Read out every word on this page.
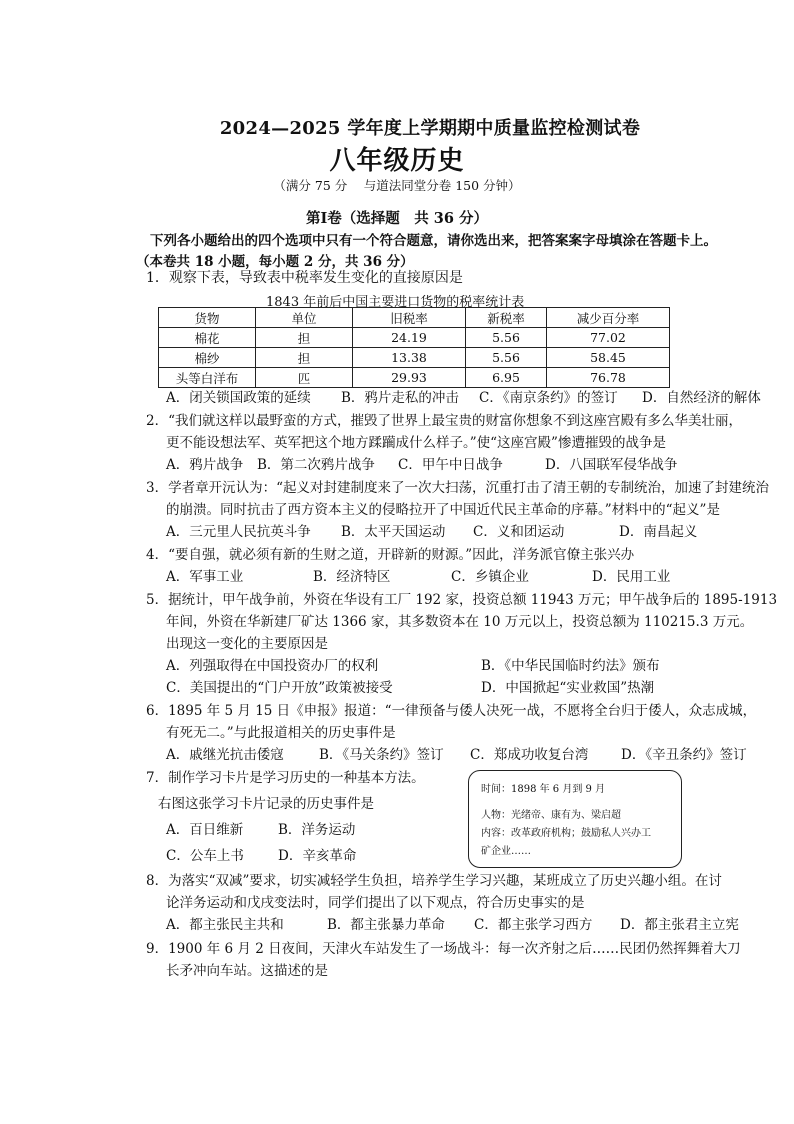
2024—2025 学年度上学期期中质量监控检测试卷
八年级历史
（满分 75 分　 与道法同堂分卷 150 分钟）
第Ⅰ卷（选择题　共 36 分）
下列各小题给出的四个选项中只有一个符合题意，请你选出来，把答案案字母填涂在答题卡上。
（本卷共 18 小题，每小题 2 分，共 36 分）
1．观察下表，导致表中税率发生变化的直接原因是
1843 年前后中国主要进口货物的税率统计表
货物	单位	旧税率	新税率	减少百分率
棉花	担	24.19	5.56	77.02
棉纱	担	13.38	5.56	58.45
头等白洋布	匹	29.93	6.95	76.78
A．闭关锁国政策的延续 B．鸦片走私的冲击 C．《南京条约》的签订 D．自然经济的解体
2．“我们就这样以最野蛮的方式，摧毁了世界上最宝贵的财富你想象不到这座宫殿有多么华美壮丽，
更不能设想法军、英军把这个地方蹂躏成什么样子。”使“这座宫殿”惨遭摧毁的战争是
A．鸦片战争 B．第二次鸦片战争 C．甲午中日战争	D．八国联军侵华战争
3．学者章开沅认为：“起义对封建制度来了一次大扫荡，沉重打击了清王朝的专制统治，加速了封建统治
的崩溃。同时抗击了西方资本主义的侵略拉开了中国近代民主革命的序幕。”材料中的“起义”是
A．三元里人民抗英斗争 B．太平天国运动 C．义和团运动	D．南昌起义
4．“要自强，就必须有新的生财之道，开辟新的财源。”因此，洋务派官僚主张兴办
A．军事工业	B．经济特区	C．乡镇企业	D．民用工业
5．据统计，甲午战争前，外资在华设有工厂 192 家，投资总额 11943 万元；甲午战争后的 1895-1913
年间，外资在华新建厂矿达 1366 家，其多数资本在 10 万元以上，投资总额为 110215.3 万元。
出现这一变化的主要原因是
A．列强取得在中国投资办厂的权利	B．《中华民国临时约法》颁布
C．美国提出的“门户开放”政策被接受	D．中国掀起“实业救国”热潮
6．1895 年 5 月 15 日《申报》报道：“一律预备与倭人决死一战，不愿将全台归于倭人，众志成城，
有死无二。”与此报道相关的历史事件是
A．戚继光抗击倭寇	B．《马关条约》签订 C．郑成功收复台湾 D．《辛丑条约》签订
7．制作学习卡片是学习历史的一种基本方法。
右图这张学习卡片记录的历史事件是
A．百日维新	B．洋务运动
C．公车上书	D．辛亥革命
时间：1898 年 6 月到 9 月
人物：光绪帝、康有为、梁启超
内容：改革政府机构；鼓励私人兴办工
矿企业……
8．为落实“双减”要求，切实减轻学生负担，培养学生学习兴趣，某班成立了历史兴趣小组。在讨
论洋务运动和戊戌变法时，同学们提出了以下观点，符合历史事实的是
A．都主张民主共和	B．都主张暴力革命 C．都主张学习西方 D．都主张君主立宪
9．1900 年 6 月 2 日夜间，天津火车站发生了一场战斗：每一次齐射之后……民团仍然挥舞着大刀
长矛冲向车站。这描述的是
